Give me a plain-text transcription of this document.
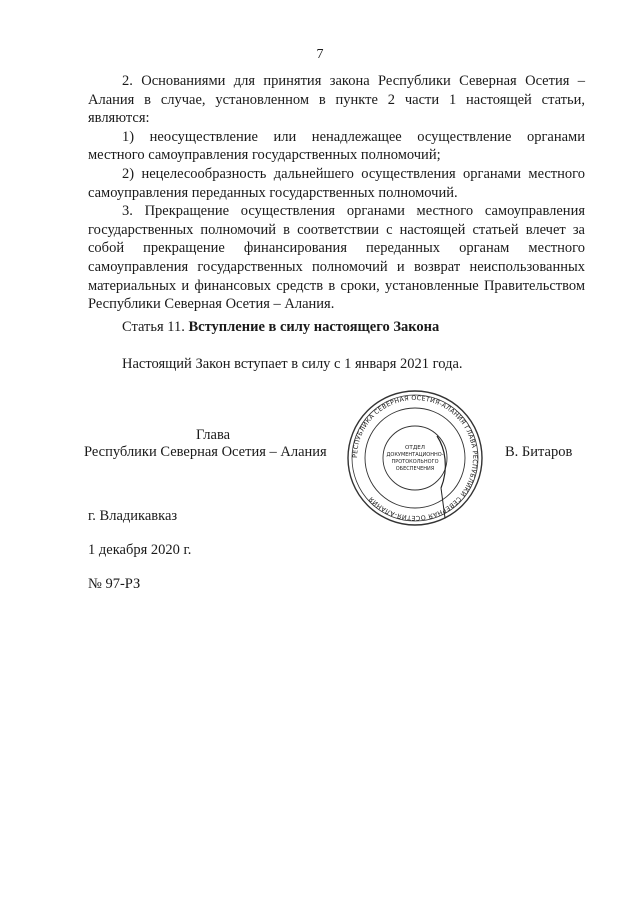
7

2. Основаниями для принятия закона Республики Северная Осетия – Алания в случае, установленном в пункте 2 части 1 настоящей статьи, являются:

1) неосуществление или ненадлежащее осуществление органами местного самоуправления государственных полномочий;

2) нецелесообразность дальнейшего осуществления органами местного самоуправления переданных государственных полномочий.

3. Прекращение осуществления органами местного самоуправления государственных полномочий в соответствии с настоящей статьей влечет за собой прекращение финансирования переданных органам местного самоуправления государственных полномочий и возврат неиспользованных материальных и финансовых средств в сроки, установленные Правительством Республики Северная Осетия – Алания.

Статья 11. Вступление в силу настоящего Закона
Настоящий Закон вступает в силу с 1 января 2021 года.
Глава
Республики Северная Осетия – Алания	В. Битаров
РЕСПУБЛИКА СЕВЕРНАЯ ОСЕТИЯ-АЛАНИЯ ГЛАВА РЕСПУБЛИКИ СЕВЕРНАЯ ОСЕТИЯ-АЛАНИЯ
ОТДЕЛ
ДОКУМЕНТАЦИОННО-
ПРОТОКОЛЬНОГО
ОБЕСПЕЧЕНИЯ
г. Владикавказ
1 декабря 2020 г.
№ 97-РЗ
